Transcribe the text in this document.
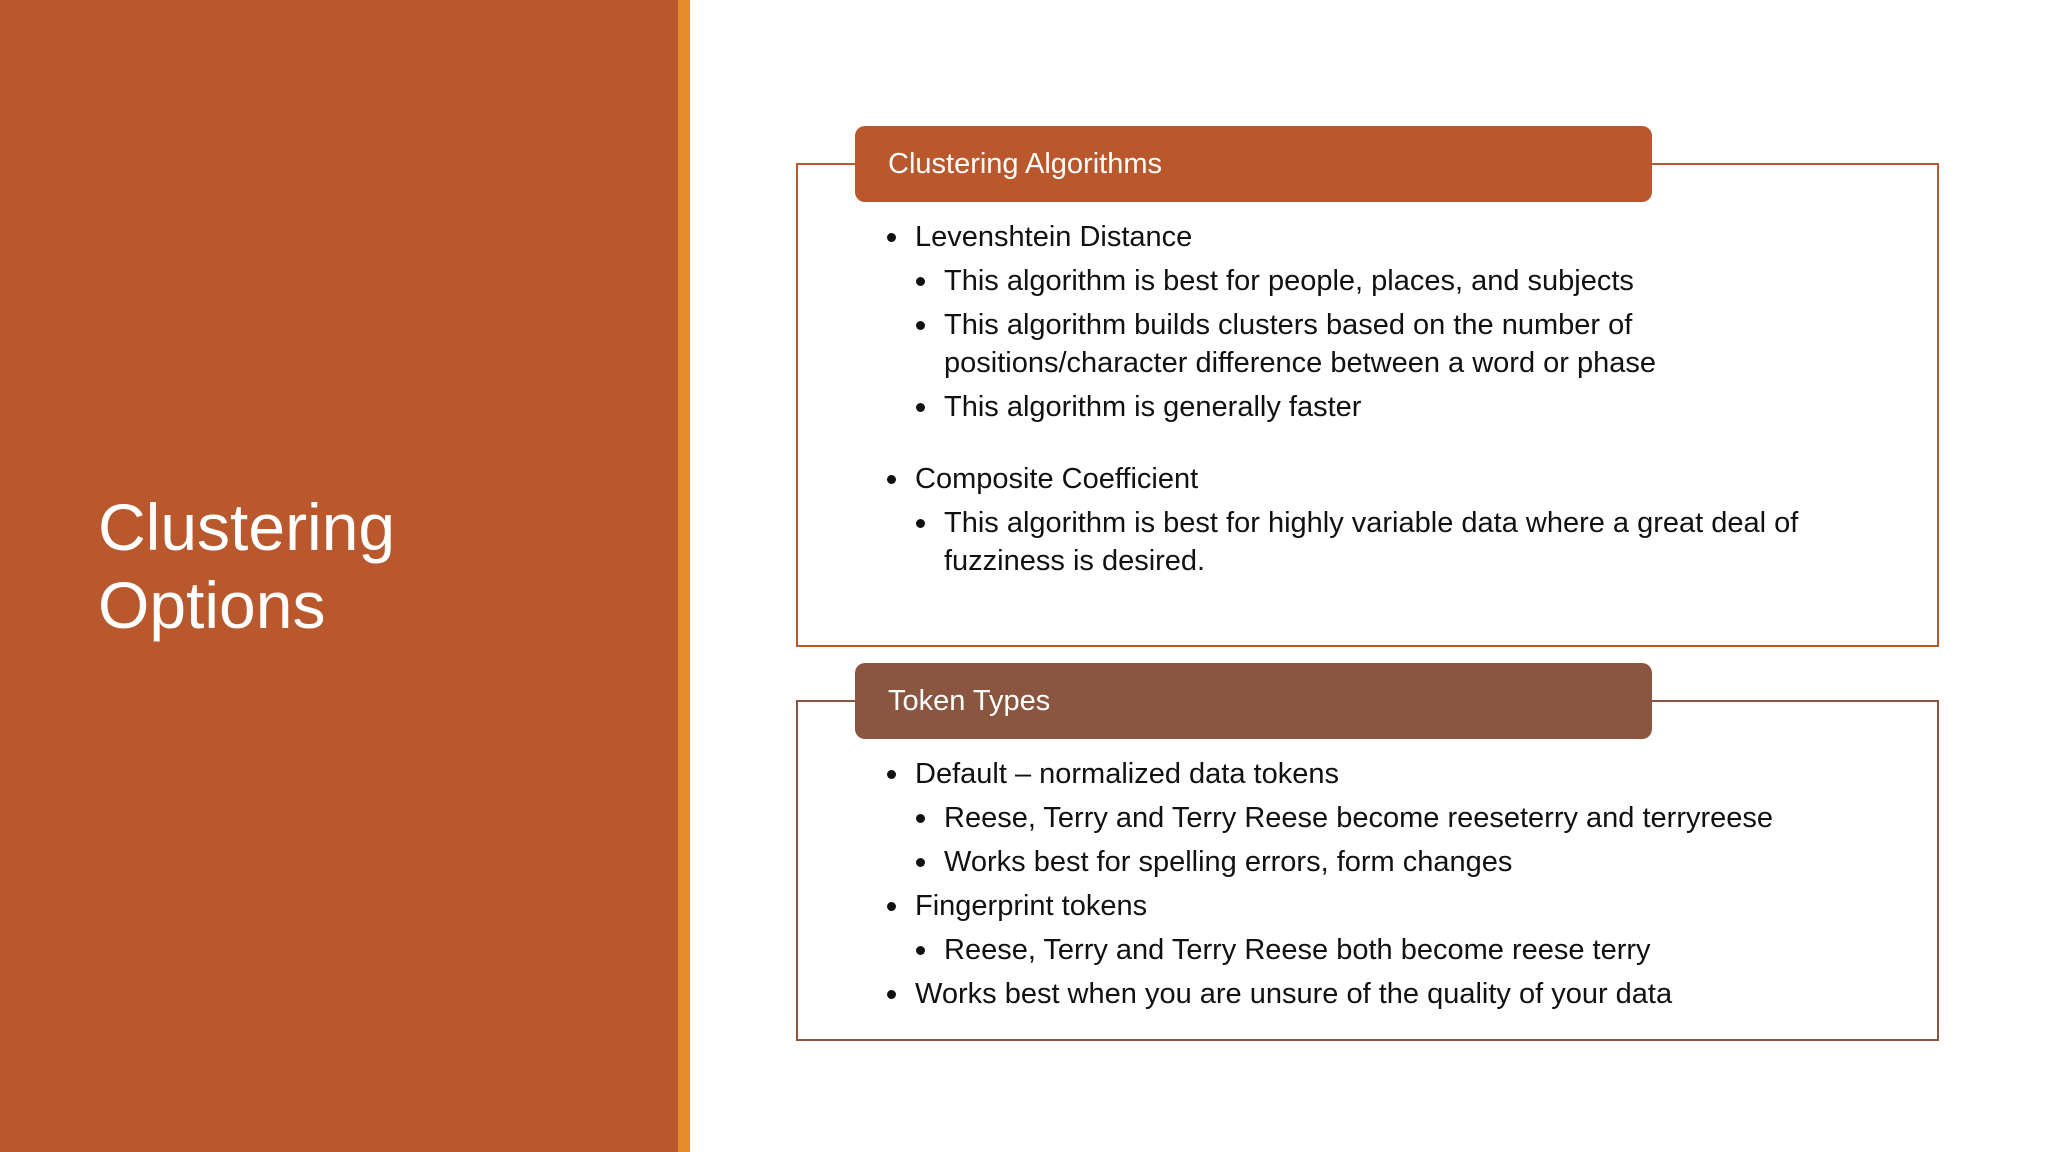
Clustering
Options
Clustering Algorithms
Levenshtein Distance
This algorithm is best for people, places, and subjects
This algorithm builds clusters based on the number of positions/character difference between a word or phase
This algorithm is generally faster
Composite Coefficient
This algorithm is best for highly variable data where a great deal of fuzziness is desired.
Token Types
Default – normalized data tokens
Reese, Terry and Terry Reese become reeseterry and terryreese
Works best for spelling errors, form changes
Fingerprint tokens
Reese, Terry and Terry Reese both become reese terry
Works best when you are unsure of the quality of your data
